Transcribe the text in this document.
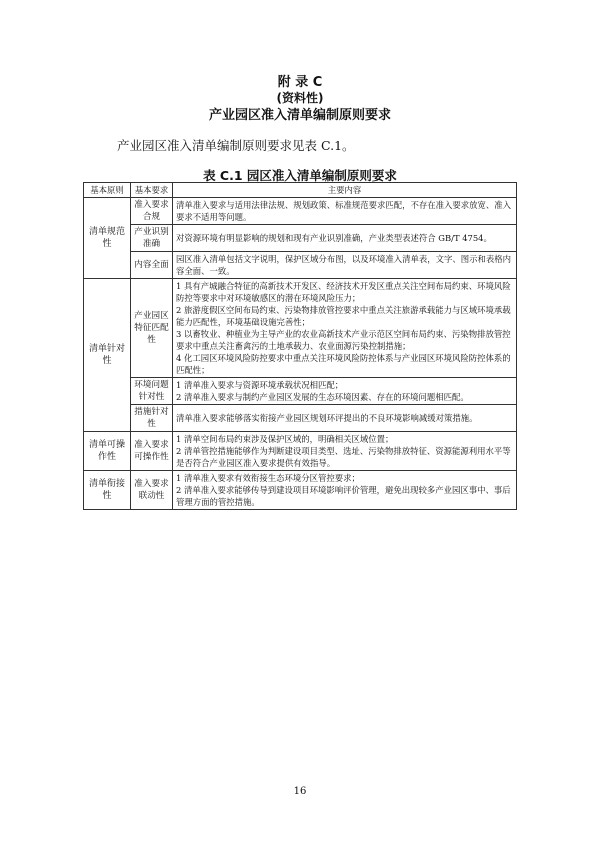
附 录 C
(资料性)
产业园区准入清单编制原则要求
产业园区准入清单编制原则要求见表 C.1。
表 C.1 园区准入清单编制原则要求
基本原则	基本要求	主要内容
清单规范性	准入要求合规	清单准入要求与适用法律法规、规划政策、标准规范要求匹配，不存在准入要求放宽、准入要求不适用等问题。

	产业识别准确	对资源环境有明显影响的规划和现有产业识别准确，产业类型表述符合 GB/T 4754。

	内容全面	园区准入清单包括文字说明，保护区域分布图，以及环境准入清单表，文字、图示和表格内容全面、一致。

清单针对性	产业园区特征匹配性	1 具有产城融合特征的高新技术开发区、经济技术开发区重点关注空间布局约束、环境风险防控等要求中对环境敏感区的潜在环境风险压力；
2 旅游度假区空间布局约束、污染物排放管控要求中重点关注旅游承载能力与区域环境承载能力匹配性，环境基础设施完善性；
3 以畜牧业、种植业为主导产业的农业高新技术产业示范区空间布局约束、污染物排放管控要求中重点关注畜禽污的土地承载力、农业面源污染控制措施；
4 化工园区环境风险防控要求中重点关注环境风险防控体系与产业园区环境风险防控体系的匹配性；

	环境问题针对性	1 清单准入要求与资源环境承载状况相匹配；
2 清单准入要求与制约产业园区发展的生态环境因素、存在的环境问题相匹配。

	措施针对性	清单准入要求能够落实衔接产业园区规划环评提出的不良环境影响减缓对策措施。

清单可操作性	准入要求可操作性	1 清单空间布局约束涉及保护区域的，明确相关区域位置；
2 清单管控措施能够作为判断建设项目类型、选址、污染物排放特征、资源能源利用水平等是否符合产业园区准入要求提供有效指导。

清单衔接性	准入要求联动性	1 清单准入要求有效衔接生态环境分区管控要求；
2 清单准入要求能够传导到建设项目环境影响评价管理，避免出现较多产业园区事中、事后管理方面的管控措施。
16
